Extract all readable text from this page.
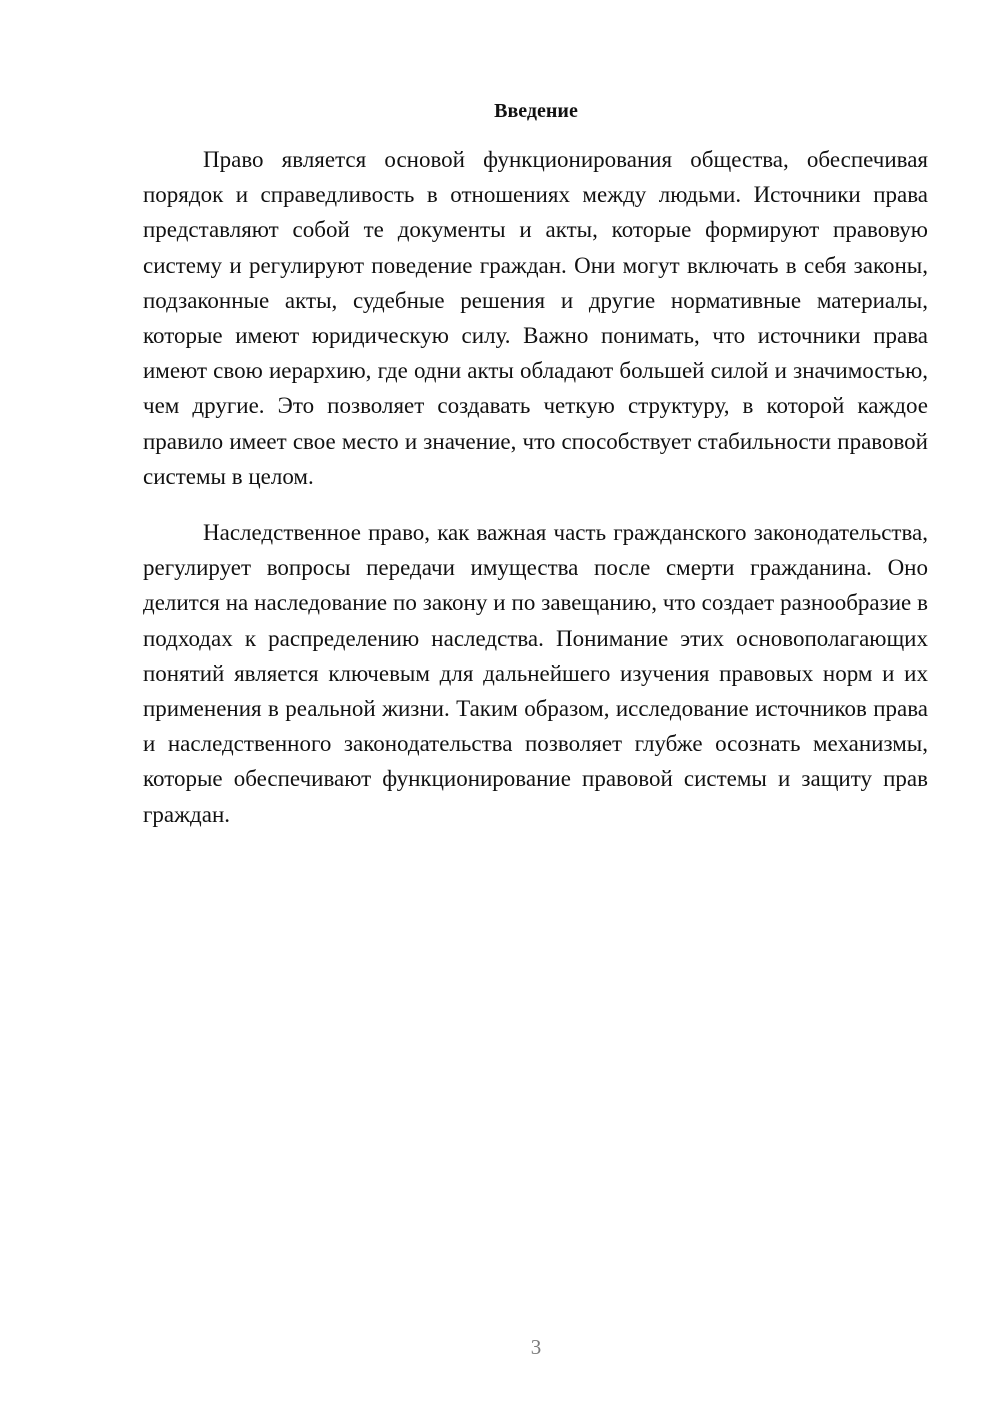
Введение

Право является основой функционирования общества, обеспечивая порядок и справедливость в отношениях между людьми. Источники права представляют собой те документы и акты, которые формируют правовую систему и регулируют поведение граждан. Они могут включать в себя законы, подзаконные акты, судебные решения и другие нормативные материалы, которые имеют юридическую силу. Важно понимать, что источники права имеют свою иерархию, где одни акты обладают большей силой и значимостью, чем другие. Это позволяет создавать четкую структуру, в которой каждое правило имеет свое место и значение, что способствует стабильности правовой системы в целом.

Наследственное право, как важная часть гражданского законодательства, регулирует вопросы передачи имущества после смерти гражданина. Оно делится на наследование по закону и по завещанию, что создает разнообразие в подходах к распределению наследства. Понимание этих основополагающих понятий является ключевым для дальнейшего изучения правовых норм и их применения в реальной жизни. Таким образом, исследование источников права и наследственного законодательства позволяет глубже осознать механизмы, которые обеспечивают функционирование правовой системы и защиту прав граждан.

3
